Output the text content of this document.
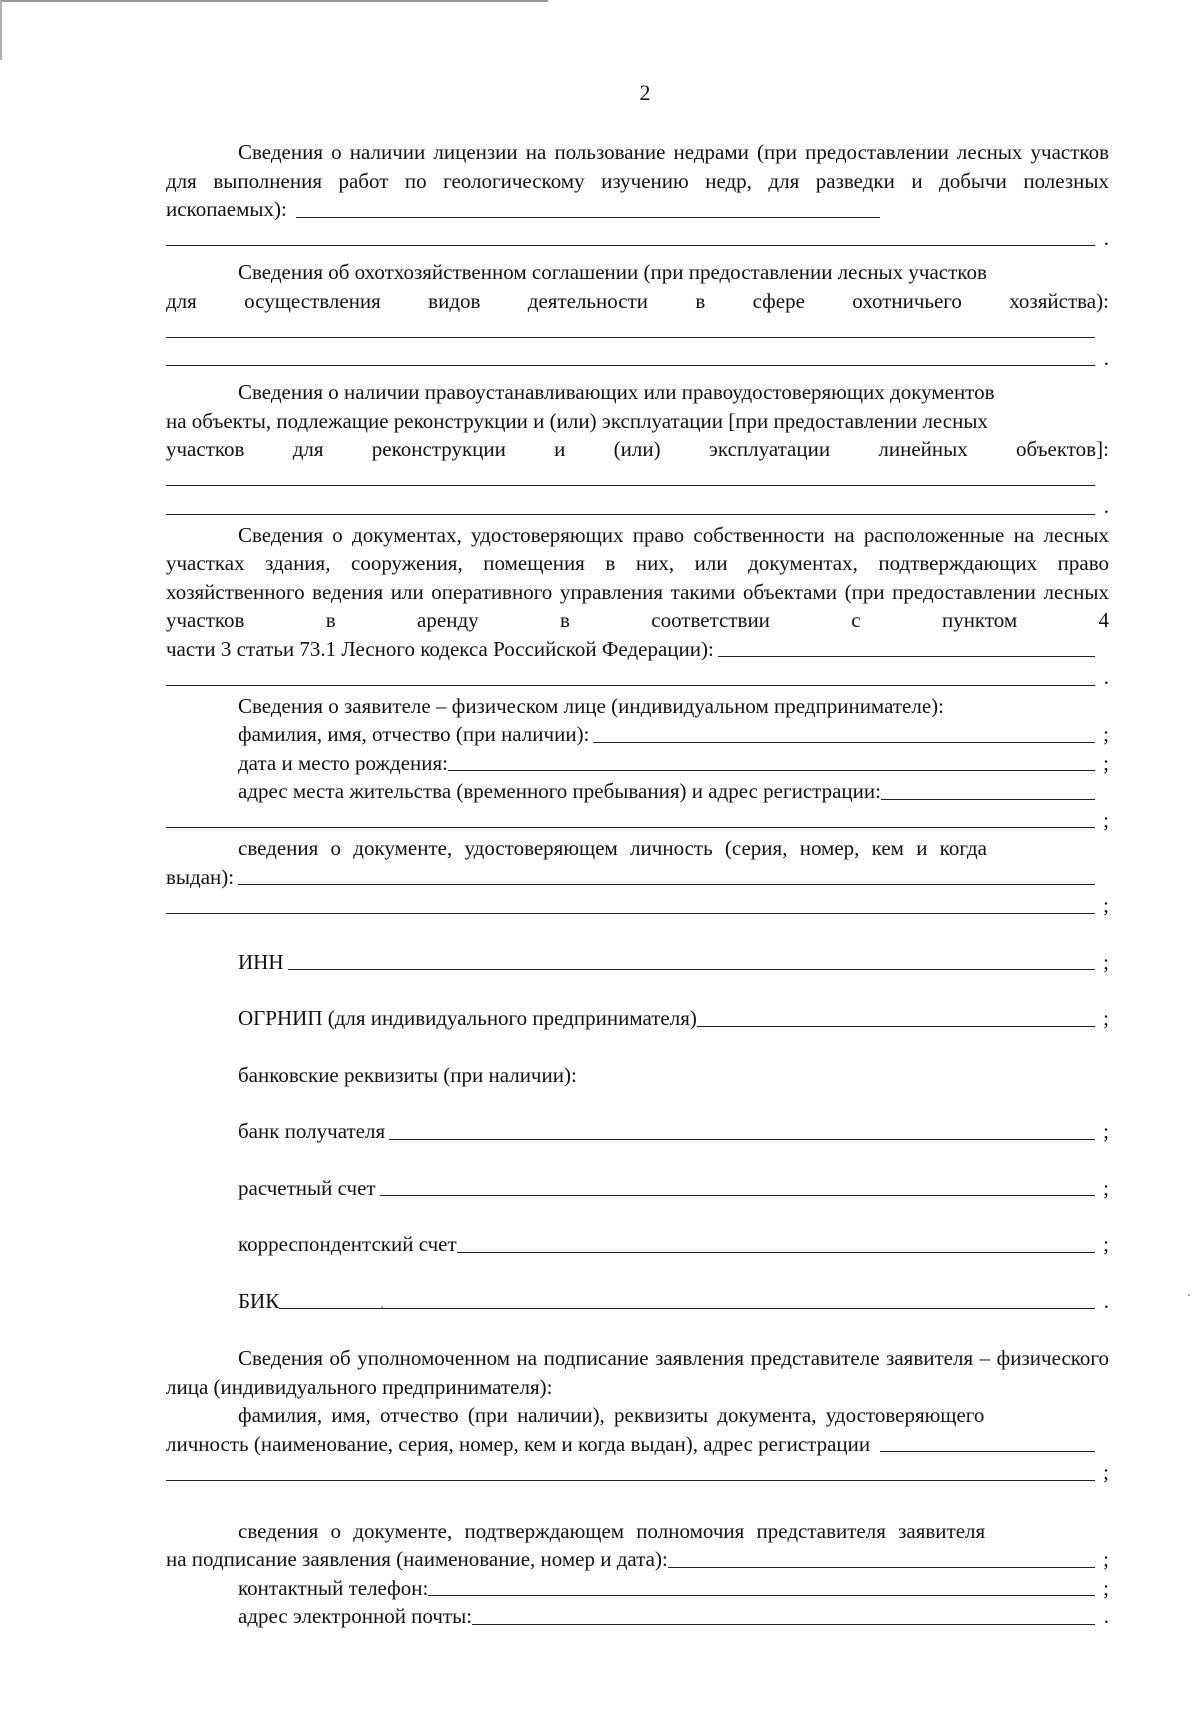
2

Сведения о наличии лицензии на пользование недрами (при предоставлении лесных участков для выполнения работ по геологическому изучению недр, для разведки и добычи полезных ископаемых):

.
Сведения об охотхозяйственном соглашении (при предоставлении лесных участков
для осуществления видов деятельности в сфере охотничьего хозяйства):
.
Сведения о наличии правоустанавливающих или правоудостоверяющих документов
на объекты, подлежащие реконструкции и (или) эксплуатации [при предоставлении лесных
участков для реконструкции и (или) эксплуатации линейных объектов]:
.

Сведения о документах, удостоверяющих право собственности на расположенные на лесных участках здания, сооружения, помещения в них, или документах, подтверждающих право хозяйственного ведения или оперативного управления такими объектами (при предоставлении лесных участков в аренду в соответствии с пунктом 4

части 3 статьи 73.1 Лесного кодекса Российской Федерации):
.
Сведения о заявителе – физическом лице (индивидуальном предпринимателе):
фамилия, имя, отчество (при наличии):	;
дата и место рождения:	;
адрес места жительства (временного пребывания) и адрес регистрации:
;
сведения о документе, удостоверяющем личность (серия, номер, кем и когда
выдан):
;
ИНН	;
ОГРНИП (для индивидуального предпринимателя)	;
банковские реквизиты (при наличии):
банк получателя	;
расчетный счет	;
корреспондентский счет	;
БИК	.

Сведения об уполномоченном на подписание заявления представителе заявителя – физического лица (индивидуального предпринимателя):

фамилия, имя, отчество (при наличии), реквизиты документа, удостоверяющего
личность (наименование, серия, номер, кем и когда выдан), адрес регистрации
;
сведения о документе, подтверждающем полномочия представителя заявителя
на подписание заявления (наименование, номер и дата):	;
контактный телефон:	;
адрес электронной почты:	.
